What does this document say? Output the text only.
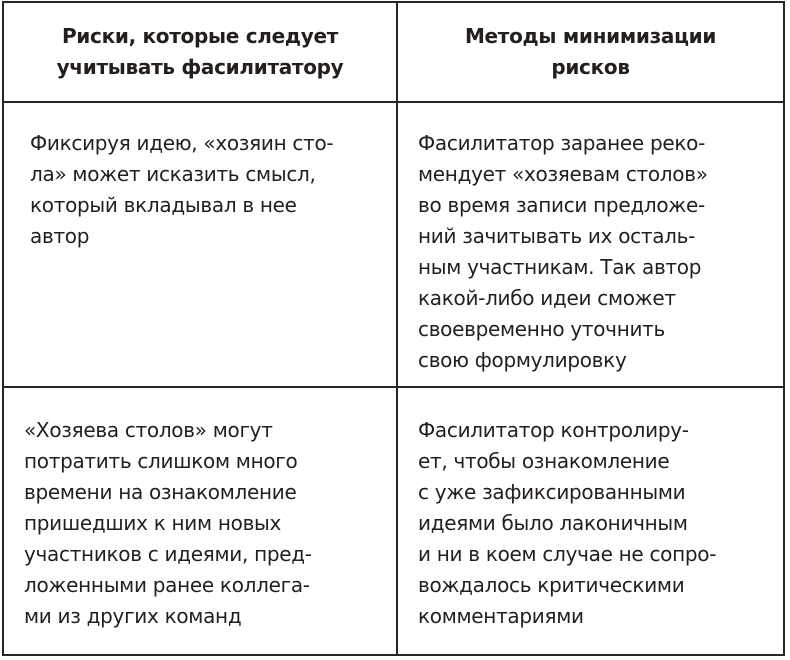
Риски, которые следует
учитывать фасилитатору
Методы минимизации
рисков
Фиксируя идею, «хозяин сто-
ла» может исказить смысл,
который вкладывал в нее
автор
Фасилитатор заранее реко-
мендует «хозяевам столов»
во время записи предложе-
ний зачитывать их осталь-
ным участникам. Так автор
какой-либо идеи сможет
своевременно уточнить
свою формулировку
«Хозяева столов» могут
потратить слишком много
времени на ознакомление
пришедших к ним новых
участников с идеями, пред-
ложенными ранее коллега-
ми из других команд
Фасилитатор контролиру-
ет, чтобы ознакомление
с уже зафиксированными
идеями было лаконичным
и ни в коем случае не сопро-
вождалось критическими
комментариями
